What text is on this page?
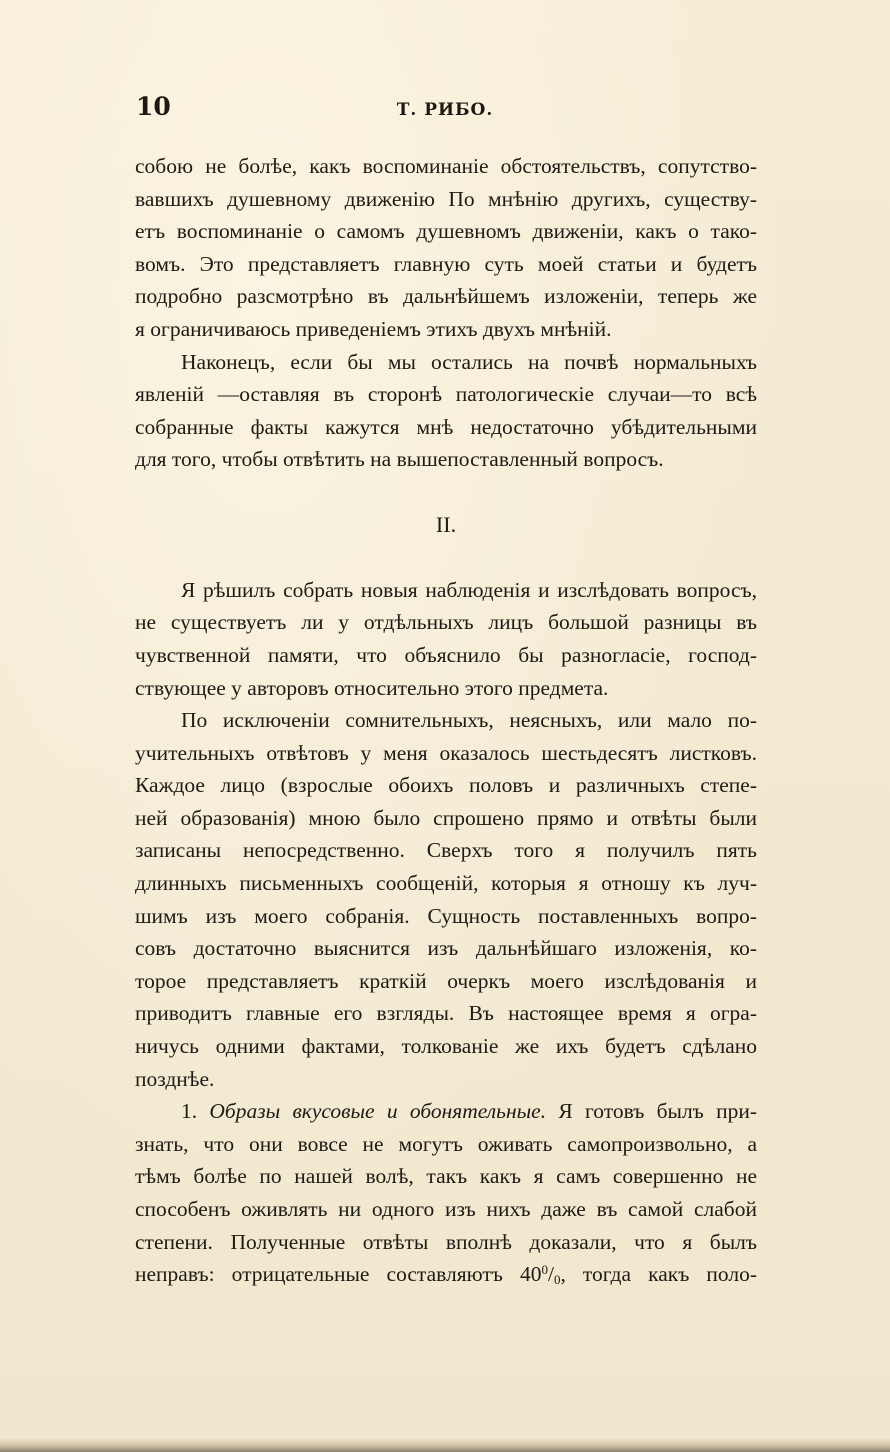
10	Т. РИБО.
собою не болѣе, какъ воспоминаніе обстоятельствъ, сопутство-
вавшихъ душевному движенію По мнѣнію другихъ, существу-
етъ воспоминаніе о самомъ душевномъ движеніи, какъ о тако-
вомъ. Это представляетъ главную суть моей статьи и будетъ
подробно разсмотрѣно въ дальнѣйшемъ изложеніи, теперь же
я ограничиваюсь приведеніемъ этихъ двухъ мнѣній.
Наконецъ, если бы мы остались на почвѣ нормальныхъ
явленій —оставляя въ сторонѣ патологическіе случаи—то всѣ
собранные факты кажутся мнѣ недостаточно убѣдительными
для того, чтобы отвѣтить на вышепоставленный вопросъ.
II.
Я рѣшилъ собрать новыя наблюденія и изслѣдовать вопросъ,
не существуетъ ли у отдѣльныхъ лицъ большой разницы въ
чувственной памяти, что объяснило бы разногласіе, господ-
ствующее у авторовъ относительно этого предмета.
По исключеніи сомнительныхъ, неясныхъ, или мало по-
учительныхъ отвѣтовъ у меня оказалось шестьдесятъ листковъ.
Каждое лицо (взрослые обоихъ половъ и различныхъ степе-
ней образованія) мною было спрошено прямо и отвѣты были
записаны непосредственно. Сверхъ того я получилъ пять
длинныхъ письменныхъ сообщеній, которыя я отношу къ луч-
шимъ изъ моего собранія. Сущность поставленныхъ вопро-
совъ достаточно выяснится изъ дальнѣйшаго изложенія, ко-
торое представляетъ краткій очеркъ моего изслѣдованія и
приводитъ главные его взгляды. Въ настоящее время я огра-
ничусь одними фактами, толкованіе же ихъ будетъ сдѣлано
позднѣе.
1. Образы вкусовые и обонятельные. Я готовъ былъ при-
знать, что они вовсе не могутъ оживать самопроизвольно, а
тѣмъ болѣе по нашей волѣ, такъ какъ я самъ совершенно не
способенъ оживлять ни одного изъ нихъ даже въ самой слабой
степени. Полученные отвѣты вполнѣ доказали, что я былъ
неправъ: отрицательные составляютъ $40^0/_0$, тогда какъ поло-
